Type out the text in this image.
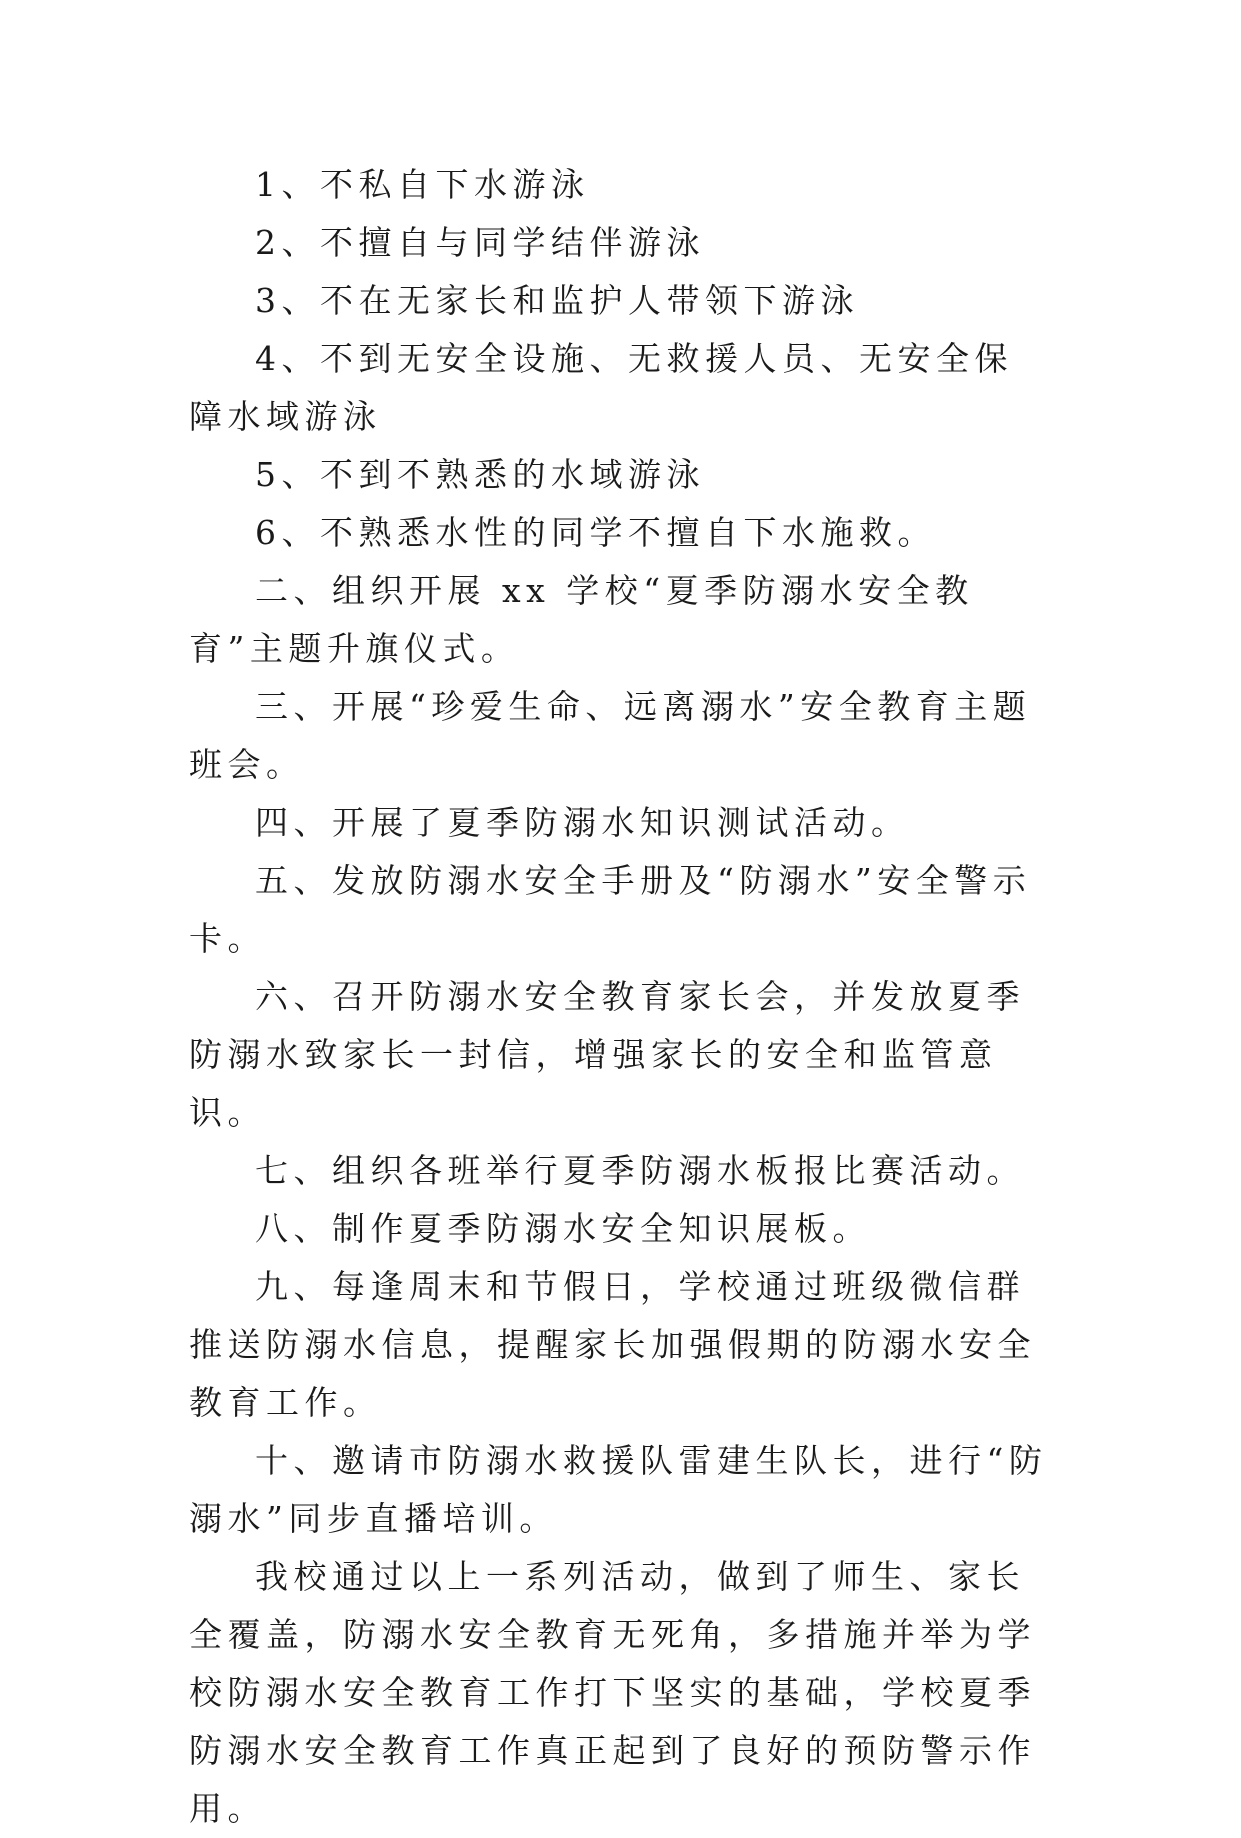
1、不私自下水游泳

2、不擅自与同学结伴游泳

3、不在无家长和监护人带领下游泳

4、不到无安全设施、无救援人员、无安全保障水域游泳

5、不到不熟悉的水域游泳

6、不熟悉水性的同学不擅自下水施救。

二、组织开展 xx 学校“夏季防溺水安全教育”主题升旗仪式。

三、开展“珍爱生命、远离溺水”安全教育主题班会。

四、开展了夏季防溺水知识测试活动。

五、发放防溺水安全手册及“防溺水”安全警示卡。

六、召开防溺水安全教育家长会，并发放夏季防溺水致家长一封信，增强家长的安全和监管意识。

七、组织各班举行夏季防溺水板报比赛活动。

八、制作夏季防溺水安全知识展板。

九、每逢周末和节假日，学校通过班级微信群推送防溺水信息，提醒家长加强假期的防溺水安全教育工作。

十、邀请市防溺水救援队雷建生队长，进行“防溺水”同步直播培训。

我校通过以上一系列活动，做到了师生、家长全覆盖，防溺水安全教育无死角，多措施并举为学校防溺水安全教育工作打下坚实的基础，学校夏季防溺水安全教育工作真正起到了良好的预防警示作用。
